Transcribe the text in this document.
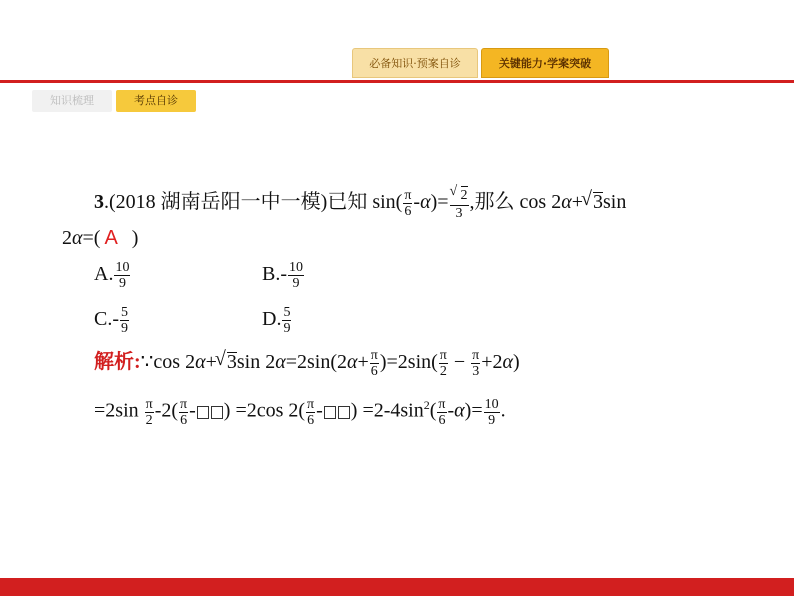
必备知识·预案自诊	关键能力·学案突破
知识梳理	考点自诊
3.(2018 湖南岳阳一中一模)已知 $\sin( \frac{\pi}{6} -\alpha)=$ √ $\frac{2}{3}$ ,那么 cos 2α+ √ 3sin
2α=( A )
A. $\frac{10}{9}$	$B.- \frac{10}{9}$
$C.- \frac{5}{9}$	D. $\frac{5}{9}$
解析:∵cos 2α+ √ 3sin $2\alpha=2\sin(2\alpha+ \frac{\pi}{6} )=2\sin( \frac{\pi}{2} - \frac{\pi}{3} +2\alpha)$
$=2\sin \frac{\pi}{2} -2( \frac{\pi}{6}$ - ) =2cos $2( \frac{\pi}{6}$ - ) $=2-4\sin^2( \frac{\pi}{6} -\alpha)= \frac{10}{9}$ .
